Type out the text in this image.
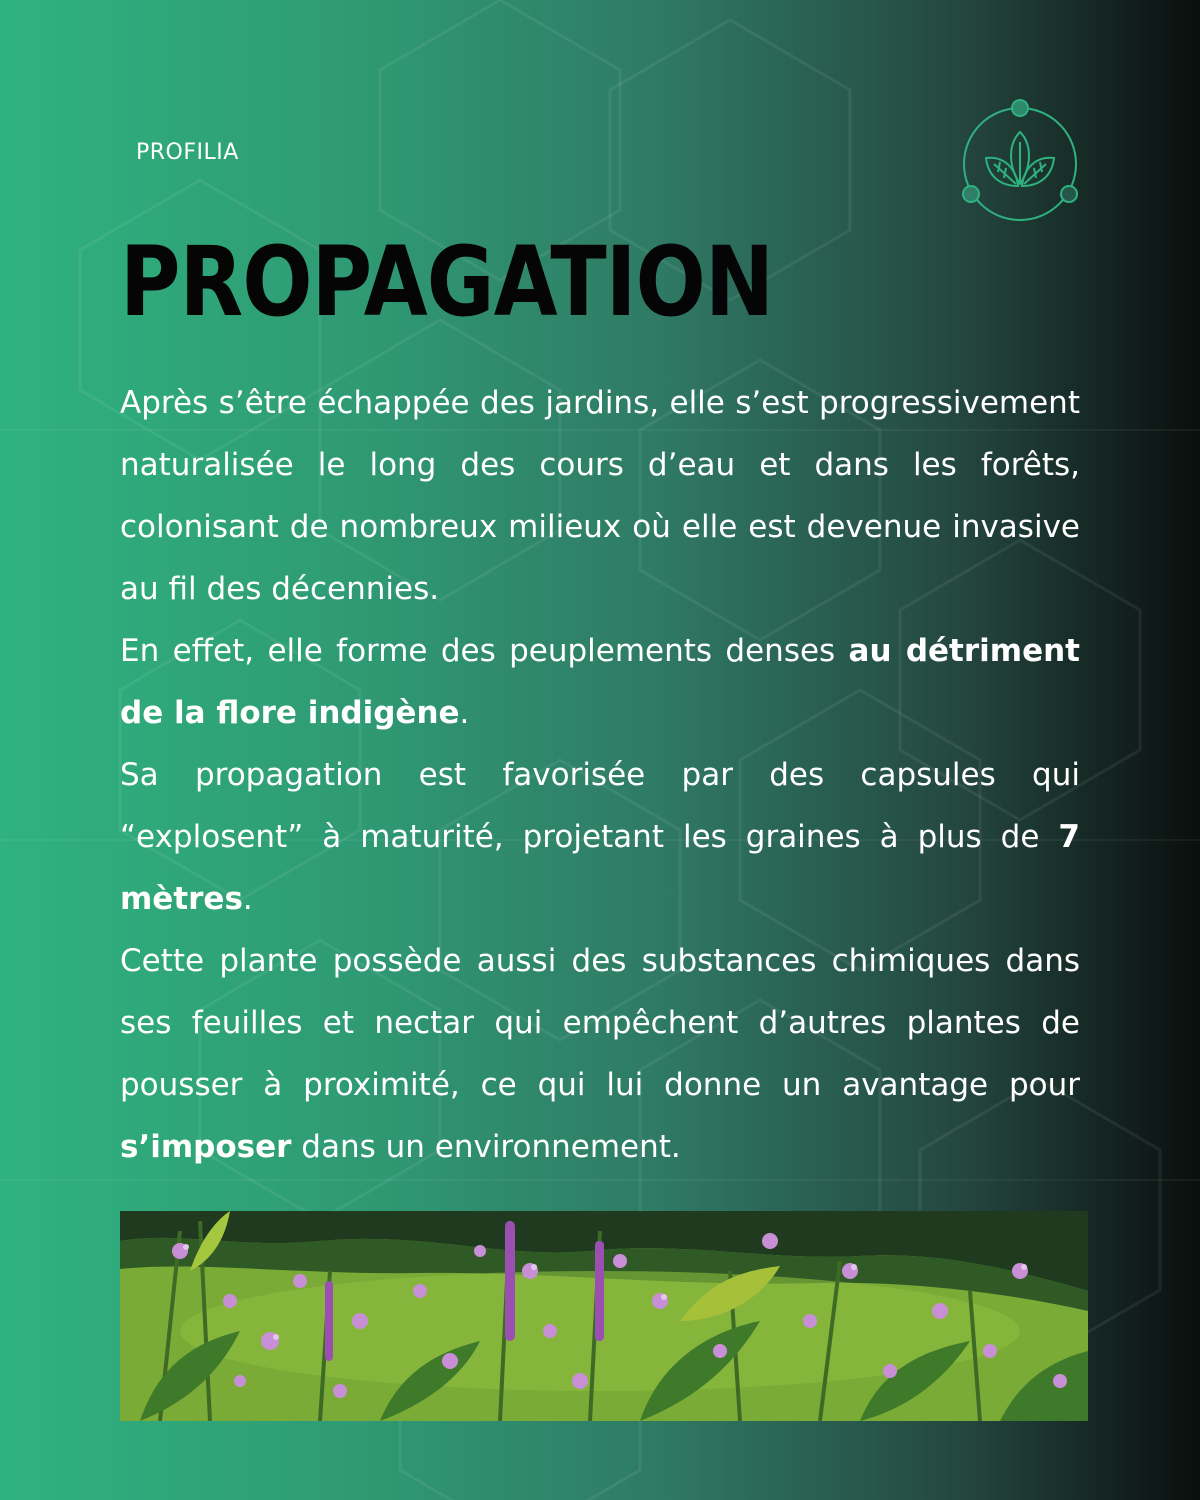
PROFILIA
PROPAGATION

Après s’être échappée des jardins, elle s’est progressivement naturalisée le long des cours d’eau et dans les forêts, colonisant de nombreux milieux où elle est devenue invasive au fil des décennies.

En effet, elle forme des peuplements denses au détriment de la flore indigène.

Sa propagation est favorisée par des capsules qui “explosent” à maturité, projetant les graines à plus de 7 mètres.

Cette plante possède aussi des substances chimiques dans ses feuilles et nectar qui empêchent d’autres plantes de pousser à proximité, ce qui lui donne un avantage pour s’imposer dans un environnement.
